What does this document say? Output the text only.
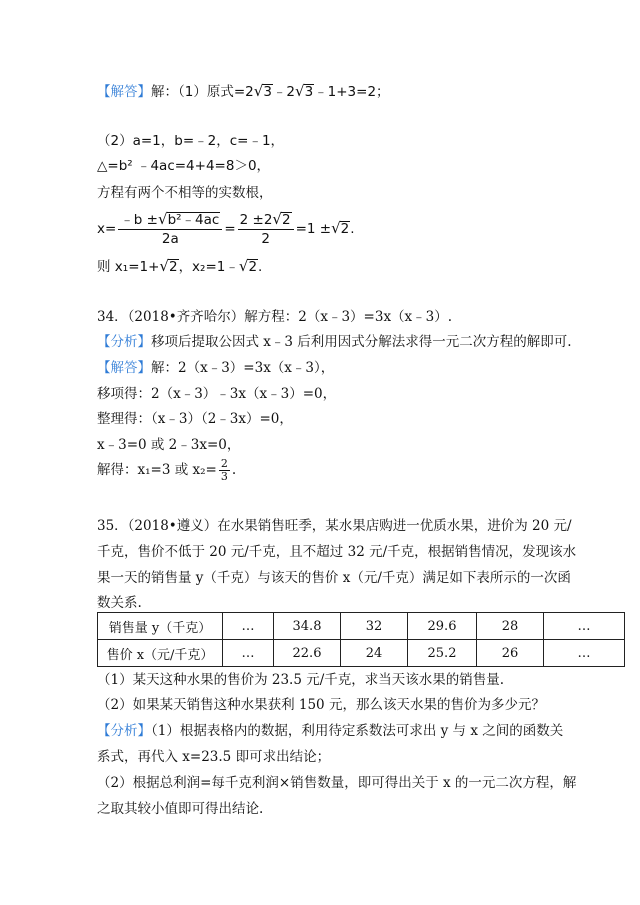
【解答】解：（1）原式=2√3﹣2√3﹣1+3=2；
（2）a=1，b=﹣2，c=﹣1，
△=b² ﹣4ac=4+4=8＞0，
方程有两个不相等的实数根，
$x= \frac{\text{﹣b ±√b²﹣4ac}}{2a} = \frac{2 \pm 2√2}{2} =1 \pm√2$.
则 x₁=1+√2，x₂=1﹣√2.
34．（2018•齐齐哈尔）解方程：2（x﹣3）=3x（x﹣3）.
【分析】移项后提取公因式 x﹣3 后利用因式分解法求得一元二次方程的解即可.
【解答】解：2（x﹣3）=3x（x﹣3），
移项得：2（x﹣3）﹣3x（x﹣3）=0，
整理得：（x﹣3）（2﹣3x）=0，
x﹣3=0 或 2﹣3x=0，
解得：x₁=3 或 $x_2= \frac{2}{3}$ .
35．（2018•遵义）在水果销售旺季，某水果店购进一优质水果，进价为 20 元/
千克，售价不低于 20 元/千克，且不超过 32 元/千克，根据销售情况，发现该水
果一天的销售量 y（千克）与该天的售价 x（元/千克）满足如下表所示的一次函
数关系.
销售量 y（千克）	…	34.8	32	29.6	28	…
售价 x（元/千克）	…	22.6	24	25.2	26	…
（1）某天这种水果的售价为 23.5 元/千克，求当天该水果的销售量.
（2）如果某天销售这种水果获利 150 元，那么该天水果的售价为多少元？
【分析】（1）根据表格内的数据，利用待定系数法可求出 y 与 x 之间的函数关
系式，再代入 x=23.5 即可求出结论；
（2）根据总利润=每千克利润×销售数量，即可得出关于 x 的一元二次方程，解
之取其较小值即可得出结论.
